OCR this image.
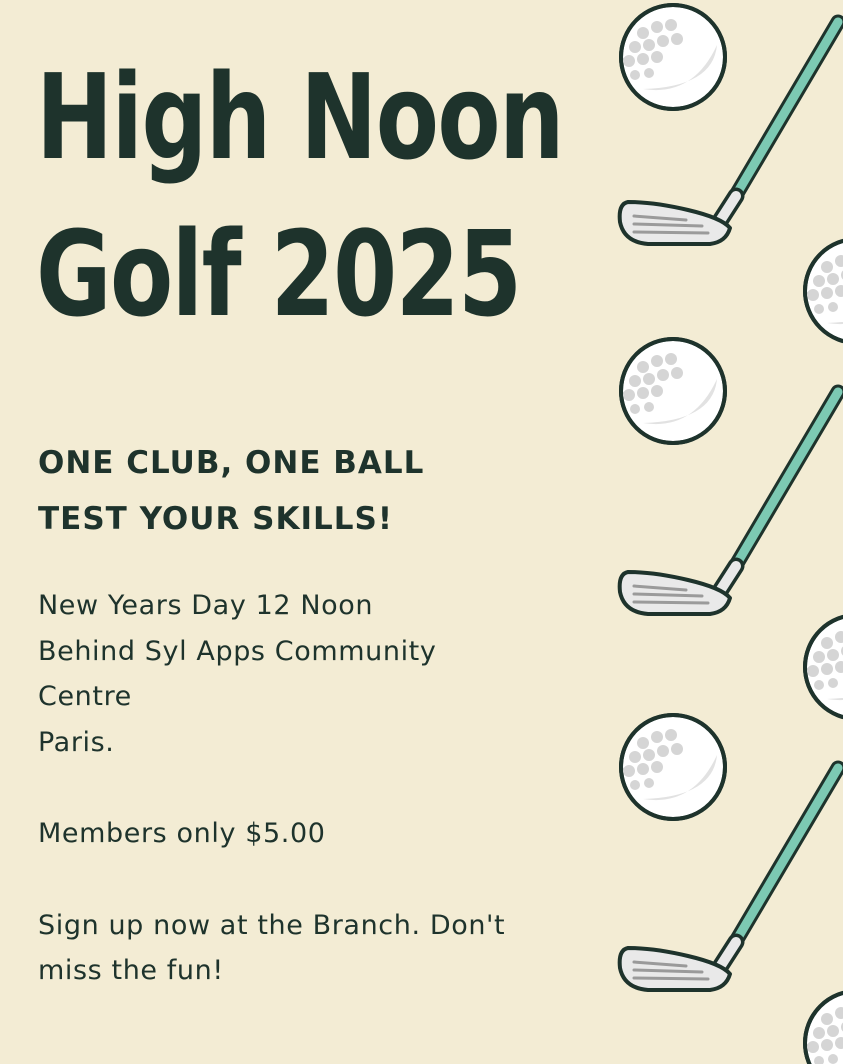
High Noon
Golf 2025

ONE CLUB, ONE BALL

TEST YOUR SKILLS!

New Years Day 12 Noon

Behind Syl Apps Community

Centre

Paris.

Members only $5.00

Sign up now at the Branch. Don't

miss the fun!
